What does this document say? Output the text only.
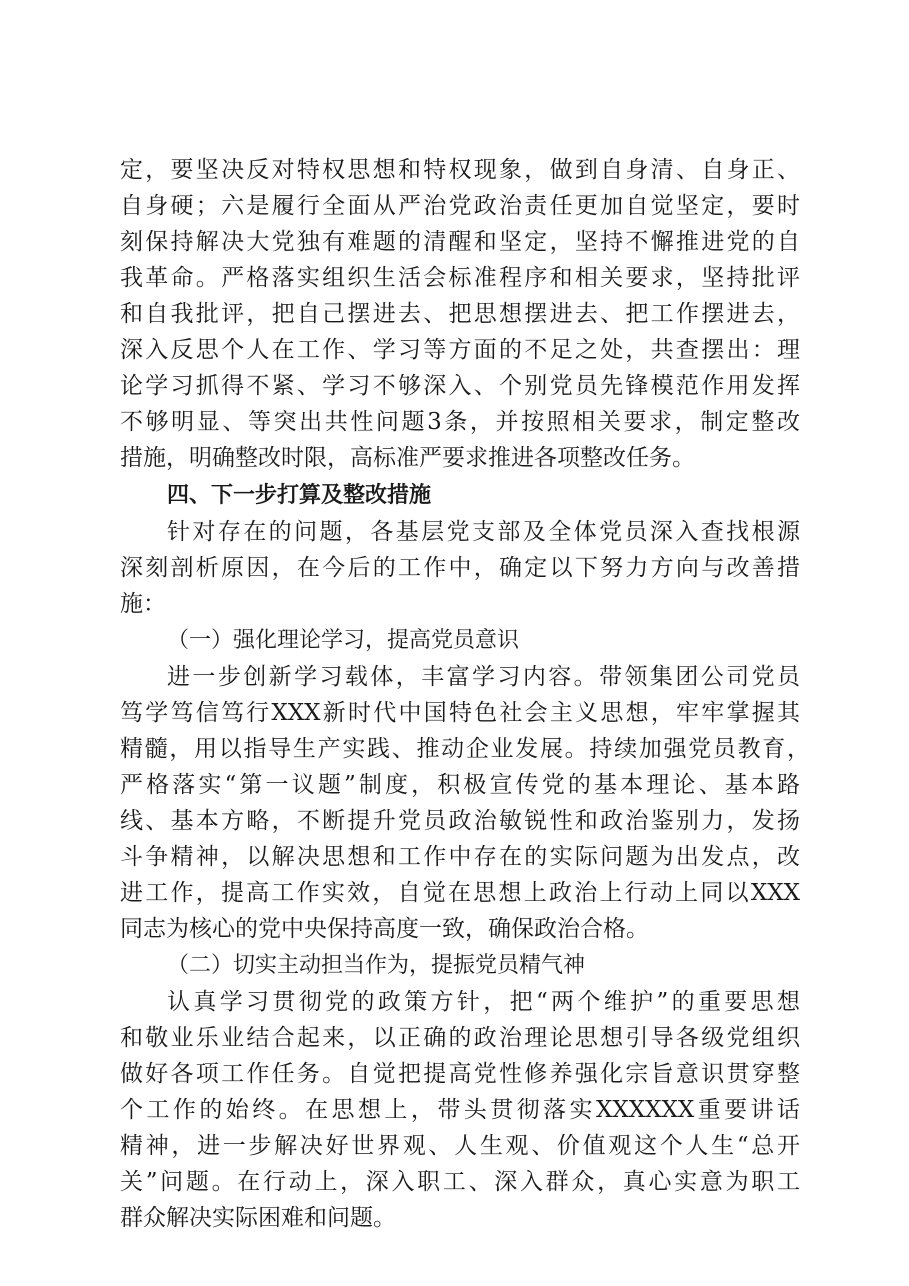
定，要坚决反对特权思想和特权现象，做到自身清、自身正、
自身硬；六是履行全面从严治党政治责任更加自觉坚定，要时
刻保持解决大党独有难题的清醒和坚定，坚持不懈推进党的自
我革命。严格落实组织生活会标准程序和相关要求，坚持批评
和自我批评，把自己摆进去、把思想摆进去、把工作摆进去，
深入反思个人在工作、学习等方面的不足之处，共查摆出：理
论学习抓得不紧、学习不够深入、个别党员先锋模范作用发挥
不够明显、等突出共性问题3条，并按照相关要求，制定整改
措施，明确整改时限，高标准严要求推进各项整改任务。
四、下一步打算及整改措施
针对存在的问题，各基层党支部及全体党员深入查找根源
深刻剖析原因，在今后的工作中，确定以下努力方向与改善措
施：
（一）强化理论学习，提高党员意识
进一步创新学习载体，丰富学习内容。带领集团公司党员
笃学笃信笃行XXX新时代中国特色社会主义思想，牢牢掌握其
精髓，用以指导生产实践、推动企业发展。持续加强党员教育，
严格落实“第一议题”制度，积极宣传党的基本理论、基本路
线、基本方略，不断提升党员政治敏锐性和政治鉴别力，发扬
斗争精神，以解决思想和工作中存在的实际问题为出发点，改
进工作，提高工作实效，自觉在思想上政治上行动上同以XXX
同志为核心的党中央保持高度一致，确保政治合格。
（二）切实主动担当作为，提振党员精气神
认真学习贯彻党的政策方针，把“两个维护”的重要思想
和敬业乐业结合起来，以正确的政治理论思想引导各级党组织
做好各项工作任务。自觉把提高党性修养强化宗旨意识贯穿整
个工作的始终。在思想上，带头贯彻落实XXXXXX重要讲话
精神，进一步解决好世界观、人生观、价值观这个人生“总开
关”问题。在行动上，深入职工、深入群众，真心实意为职工
群众解决实际困难和问题。
